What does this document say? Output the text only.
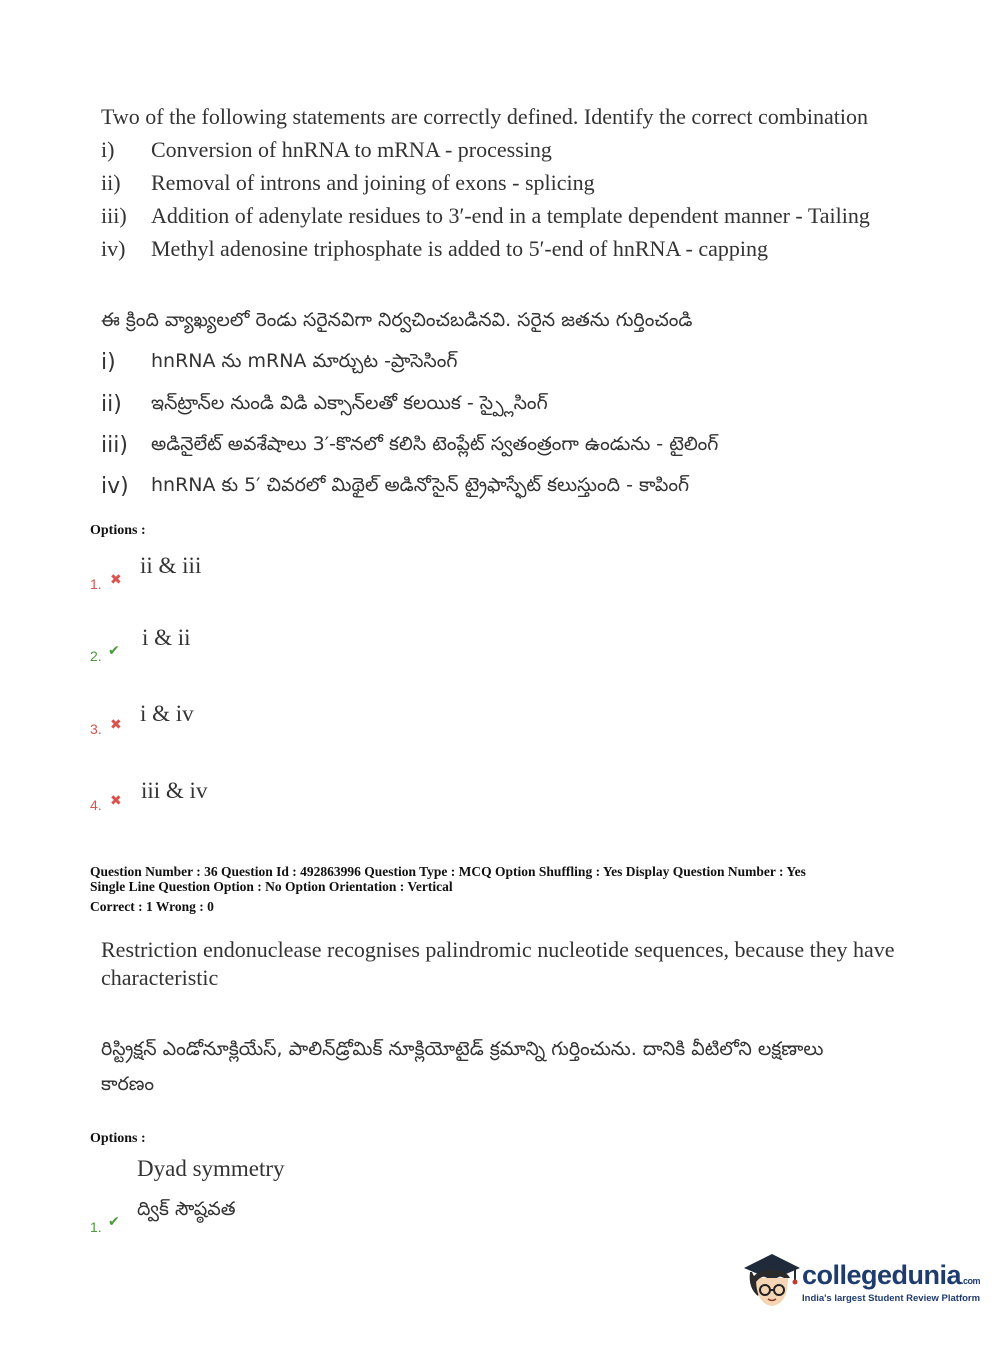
Two of the following statements are correctly defined. Identify the correct combination
i) Conversion of hnRNA to mRNA - processing
ii) Removal of introns and joining of exons - splicing
iii) Addition of adenylate residues to 3′-end in a template dependent manner - Tailing
iv) Methyl adenosine triphosphate is added to 5′-end of hnRNA - capping
ఈ క్రింది వ్యాఖ్యలలో రెండు సరైనవిగా నిర్వచించబడినవి. సరైన జతను గుర్తించండి
i) hnRNA ను mRNA మార్చుట -ప్రాసెసింగ్
ii) ఇన్‌ట్రాన్‌ల నుండి విడి ఎక్సాన్‌లతో కలయిక - స్ప్లైసింగ్
iii) అడినైలేట్ అవశేషాలు 3′-కొనలో కలిసి టెంప్లేట్ స్వతంత్రంగా ఉండును - టైలింగ్
iv) hnRNA కు 5′ చివరలో మిథైల్ అడినోసైన్ ట్రైఫాస్ఫేట్ కలుస్తుంది - కాపింగ్
Options :
1. ✖
ii & iii
2. ✔
i & ii
3. ✖ i & iv
4. ✖ iii & iv
Question Number : 36 Question Id : 492863996 Question Type : MCQ Option Shuffling : Yes Display Question Number : Yes
Single Line Question Option : No Option Orientation : Vertical
Correct : 1 Wrong : 0
Restriction endonuclease recognises palindromic nucleotide sequences, because they have
characteristic
రిస్ట్రిక్షన్ ఎండోనూక్లియేస్, పాలిన్‌డ్రోమిక్ నూక్లియోటైడ్ క్రమాన్ని గుర్తించును. దానికి వీటిలోని లక్షణాలు
కారణం
Options :
Dyad symmetry
ద్విక్ సౌష్ఠవత
1. ✔
collegedunia.com
India's largest Student Review Platform
